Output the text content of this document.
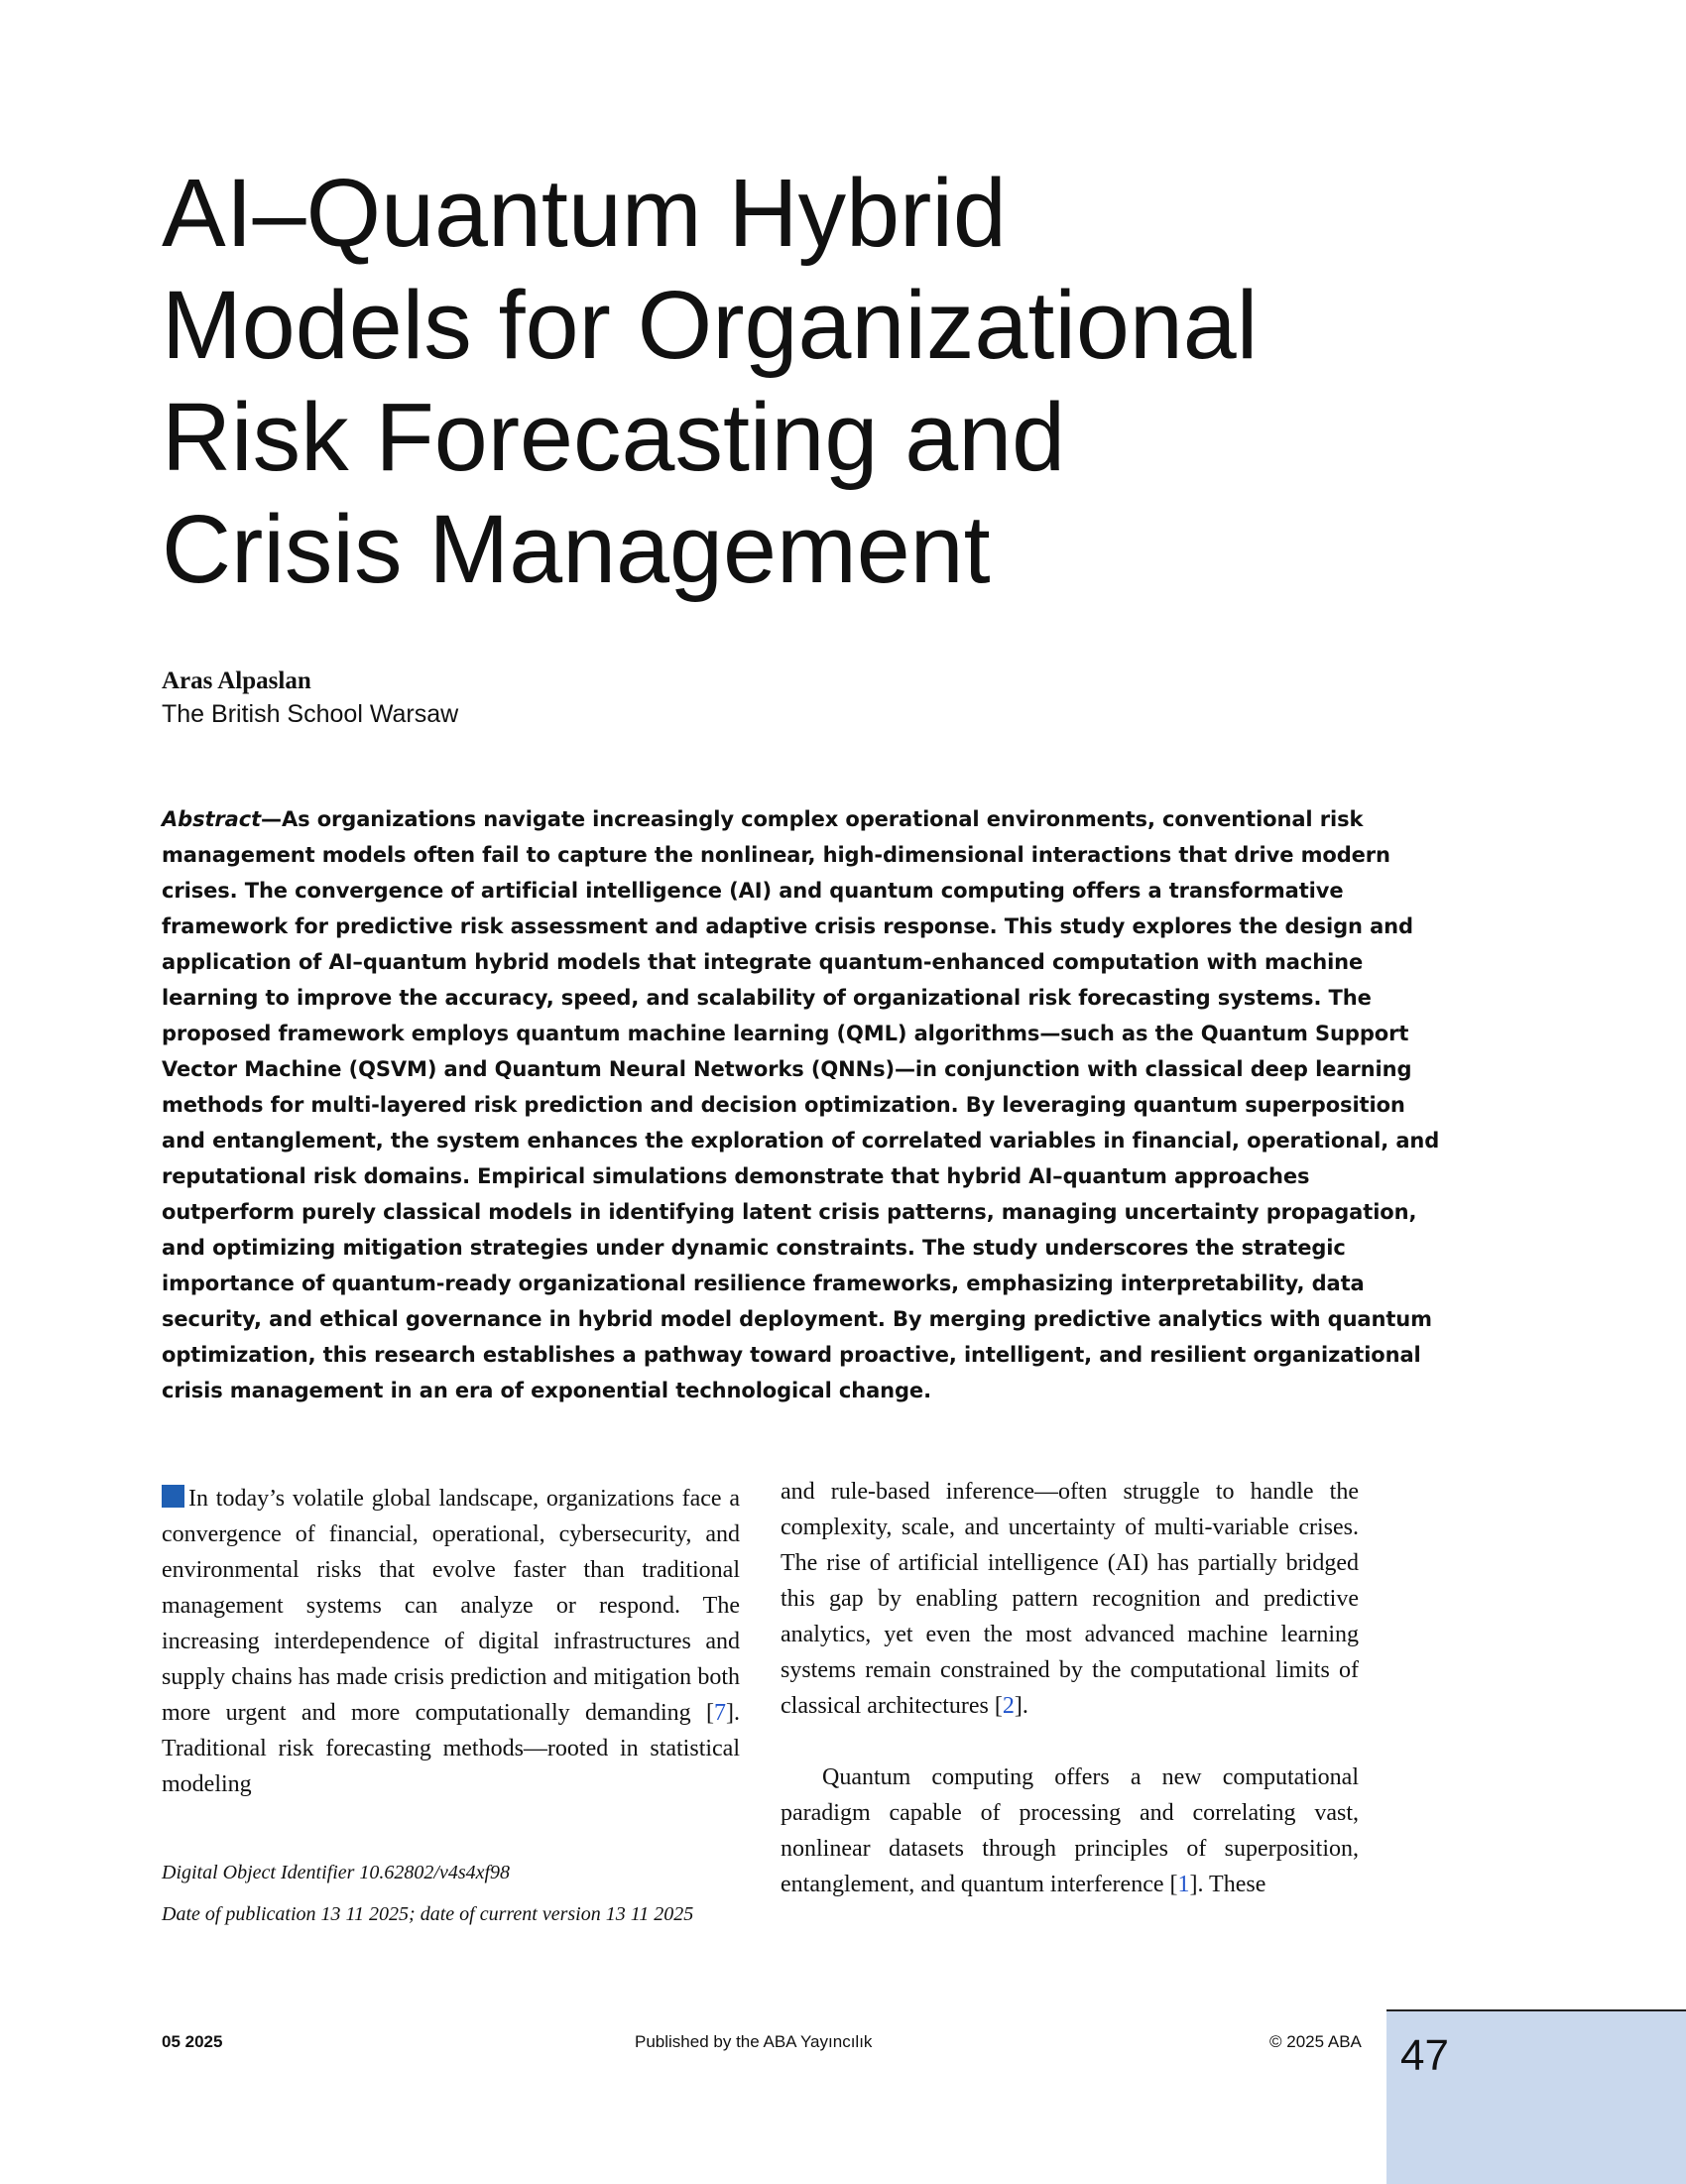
AI–Quantum Hybrid
Models for Organizational
Risk Forecasting and
Crisis Management
Aras Alpaslan
The British School Warsaw
Abstract—As organizations navigate increasingly complex operational environments, conventional risk
management models often fail to capture the nonlinear, high-dimensional interactions that drive modern
crises. The convergence of artificial intelligence (AI) and quantum computing offers a transformative
framework for predictive risk assessment and adaptive crisis response. This study explores the design and
application of AI–quantum hybrid models that integrate quantum-enhanced computation with machine
learning to improve the accuracy, speed, and scalability of organizational risk forecasting systems. The
proposed framework employs quantum machine learning (QML) algorithms—such as the Quantum Support
Vector Machine (QSVM) and Quantum Neural Networks (QNNs)—in conjunction with classical deep learning
methods for multi-layered risk prediction and decision optimization. By leveraging quantum superposition
and entanglement, the system enhances the exploration of correlated variables in financial, operational, and
reputational risk domains. Empirical simulations demonstrate that hybrid AI–quantum approaches
outperform purely classical models in identifying latent crisis patterns, managing uncertainty propagation,
and optimizing mitigation strategies under dynamic constraints. The study underscores the strategic
importance of quantum-ready organizational resilience frameworks, emphasizing interpretability, data
security, and ethical governance in hybrid model deployment. By merging predictive analytics with quantum
optimization, this research establishes a pathway toward proactive, intelligent, and resilient organizational
crisis management in an era of exponential technological change.

In today’s volatile global landscape, organizations face a convergence of financial, operational, cybersecurity, and environmental risks that evolve faster than traditional management systems can analyze or respond. The increasing interdependence of digital infrastructures and supply chains has made crisis prediction and mitigation both more urgent and more computationally demanding [7]. Traditional risk forecasting methods—rooted in statistical modeling

and rule-based inference—often struggle to handle the complexity, scale, and uncertainty of multi-variable crises. The rise of artificial intelligence (AI) has partially bridged this gap by enabling pattern recognition and predictive analytics, yet even the most advanced machine learning systems remain constrained by the computational limits of classical architectures [2].

Quantum computing offers a new computational paradigm capable of processing and correlating vast, nonlinear datasets through principles of superposition, entanglement, and quantum interference [1]. These

Digital Object Identifier 10.62802/v4s4xf98

Date of publication 13 11 2025; date of current version 13 11 2025

05 2025	Published by the ABA Yayıncılık	© 2025 ABA 47
